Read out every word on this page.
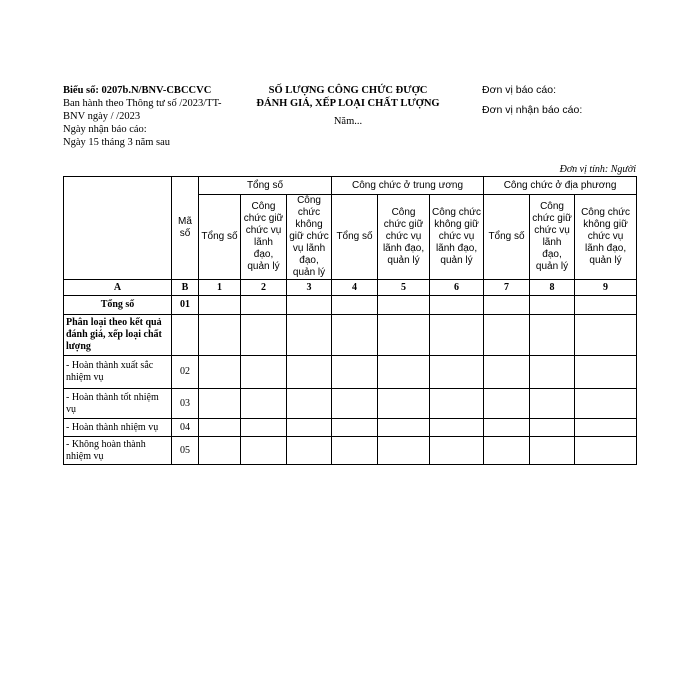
Biểu số: 0207b.N/BNV-CBCCVC
Ban hành theo Thông tư số /2023/TT-BNV ngày / /2023
Ngày nhận báo cáo:
Ngày 15 tháng 3 năm sau
SỐ LƯỢNG CÔNG CHỨC ĐƯỢC
ĐÁNH GIÁ, XẾP LOẠI CHẤT LƯỢNG
Năm...
Đơn vị báo cáo:
Đơn vị nhận báo cáo:
Đơn vị tính: Người
	Mã số	Tổng số			Công chức ở trung ương			Công chức ở địa phương		
		Tổng số	Công chức giữ chức vụ lãnh đạo, quản lý	Công chức không giữ chức vụ lãnh đạo, quản lý	Tổng số	Công chức giữ chức vụ lãnh đạo, quản lý	Công chức không giữ chức vụ lãnh đạo, quản lý	Tổng số	Công chức giữ chức vụ lãnh đạo, quản lý	Công chức không giữ chức vụ lãnh đạo, quản lý
A	B	1	2	3	4	5	6	7	8	9
Tổng số	01									
Phân loại theo kết quả đánh giá, xếp loại chất lượng										
- Hoàn thành xuất sắc nhiệm vụ	02									
- Hoàn thành tốt nhiệm vụ	03									
- Hoàn thành nhiệm vụ	04									
- Không hoàn thành nhiệm vụ	05									
